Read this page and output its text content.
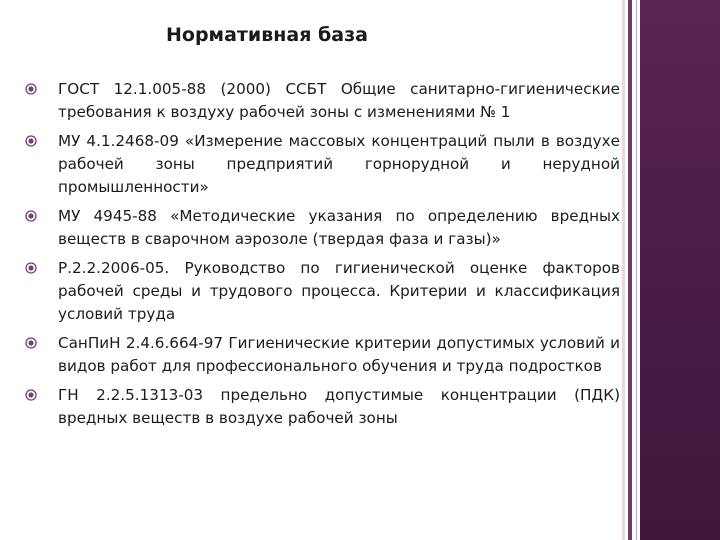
Нормативная база
ГОСТ 12.1.005-88 (2000) ССБТ Общие санитарно-гигиенические требования к воздуху рабочей зоны с изменениями № 1
МУ 4.1.2468-09 «Измерение массовых концентраций пыли в воздухе рабочей зоны предприятий горнорудной и нерудной промышленности»
МУ 4945-88 «Методические указания по определению вредных веществ в сварочном аэрозоле (твердая фаза и газы)»
Р.2.2.2006-05. Руководство по гигиенической оценке факторов рабочей среды и трудового процесса. Критерии и классификация условий труда
СанПиН 2.4.6.664-97 Гигиенические критерии допустимых условий и видов работ для профессионального обучения и труда подростков
ГН 2.2.5.1313-03 предельно допустимые концентрации (ПДК) вредных веществ в воздухе рабочей зоны
